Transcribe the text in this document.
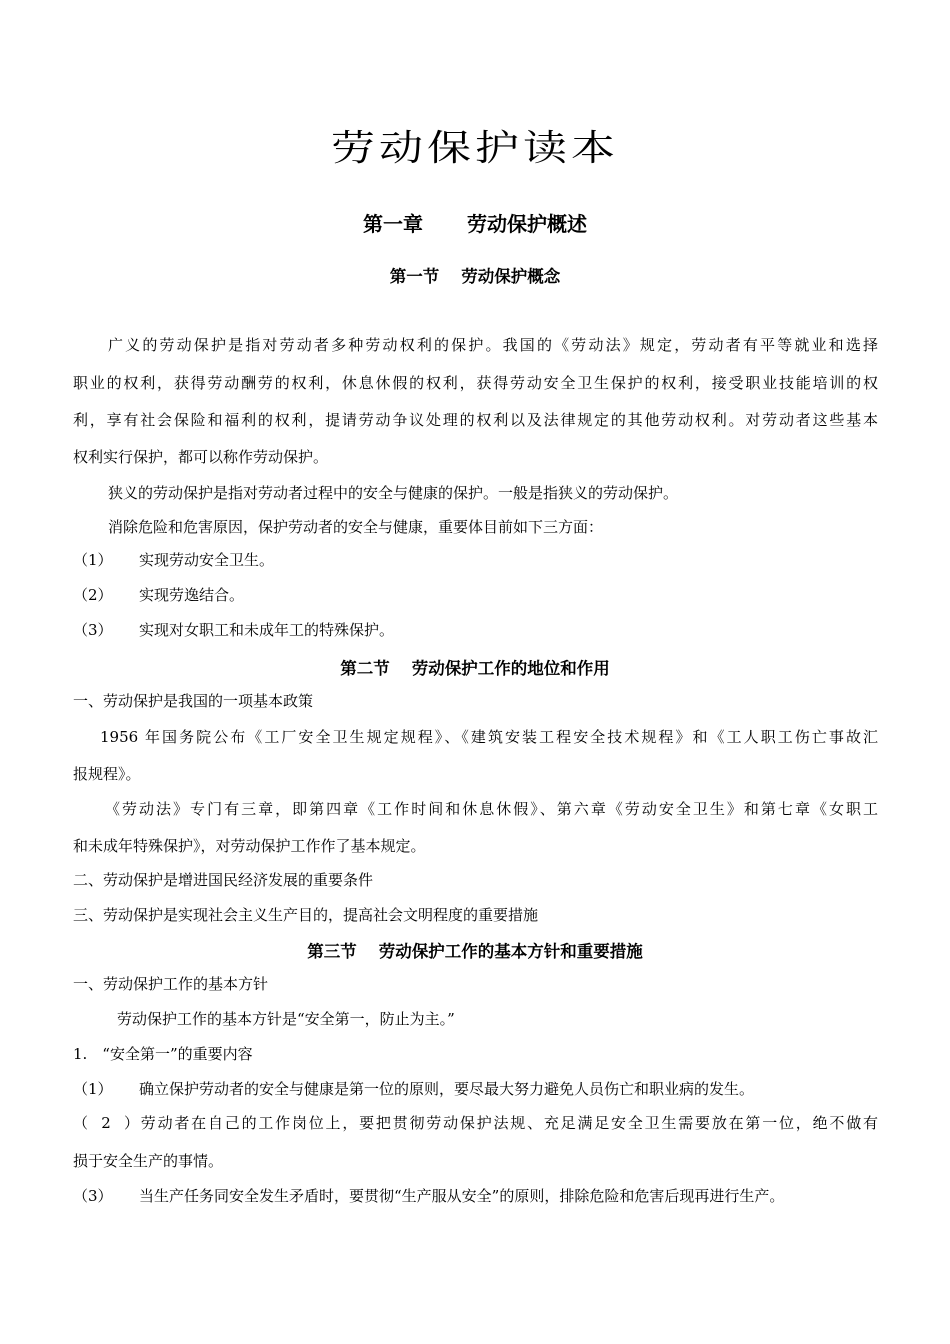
劳动保护读本
第一章 劳动保护概述
第一节 劳动保护概念
广义的劳动保护是指对劳动者多种劳动权利的保护。我国的《劳动法》规定，劳动者有平等就业和选择
职业的权利，获得劳动酬劳的权利，休息休假的权利，获得劳动安全卫生保护的权利，接受职业技能培训的权
利，享有社会保险和福利的权利，提请劳动争议处理的权利以及法律规定的其他劳动权利。对劳动者这些基本
权利实行保护，都可以称作劳动保护。
狭义的劳动保护是指对劳动者过程中的安全与健康的保护。一般是指狭义的劳动保护。
消除危险和危害原因，保护劳动者的安全与健康，重要体目前如下三方面：
（1） 实现劳动安全卫生。
（2） 实现劳逸结合。
（3） 实现对女职工和未成年工的特殊保护。
第二节 劳动保护工作的地位和作用
一、劳动保护是我国的一项基本政策
1956 年国务院公布《工厂安全卫生规定规程》、《建筑安装工程安全技术规程》和《工人职工伤亡事故汇
报规程》。
《劳动法》专门有三章，即第四章《工作时间和休息休假》、第六章《劳动安全卫生》和第七章《女职工
和未成年特殊保护》，对劳动保护工作作了基本规定。
二、劳动保护是增进国民经济发展的重要条件
三、劳动保护是实现社会主义生产目的，提高社会文明程度的重要措施
第三节 劳动保护工作的基本方针和重要措施
一、劳动保护工作的基本方针
劳动保护工作的基本方针是“安全第一，防止为主。”
1.　“安全第一”的重要内容
（1） 确立保护劳动者的安全与健康是第一位的原则，要尽最大努力避免人员伤亡和职业病的发生。
（2）劳动者在自己的工作岗位上，要把贯彻劳动保护法规、充足满足安全卫生需要放在第一位，绝不做有
损于安全生产的事情。
（3） 当生产任务同安全发生矛盾时，要贯彻“生产服从安全”的原则，排除危险和危害后现再进行生产。
